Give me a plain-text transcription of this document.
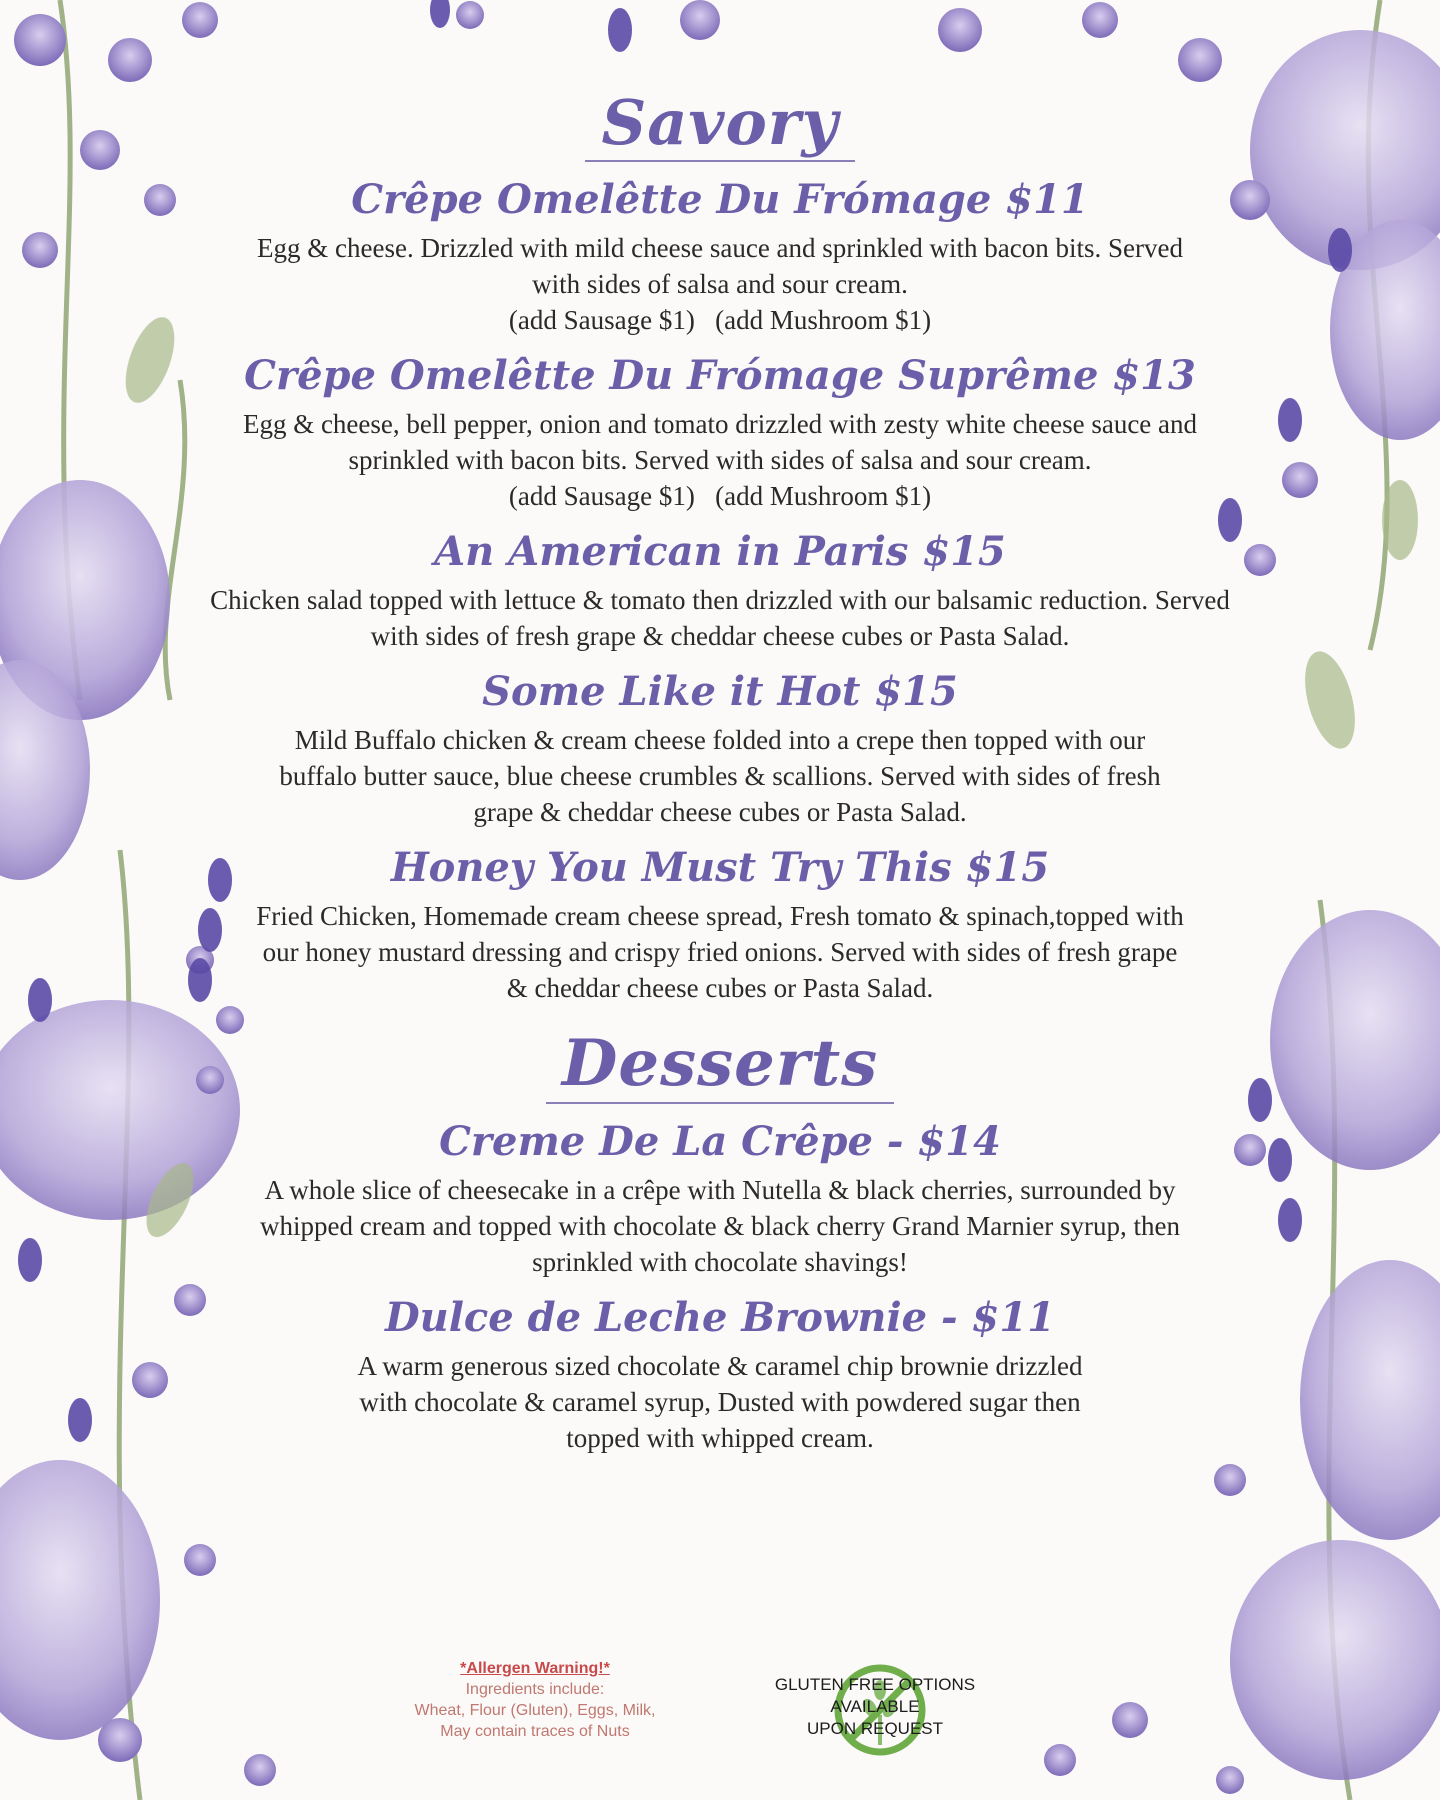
Savory
Crêpe Omelêtte Du Frómage $11

Egg & cheese. Drizzled with mild cheese sauce and sprinkled with bacon bits. Served with sides of salsa and sour cream.

(add Sausage $1)   (add Mushroom $1)

Crêpe Omelêtte Du Frómage Suprême $13

Egg & cheese, bell pepper, onion and tomato drizzled with zesty white cheese sauce and sprinkled with bacon bits. Served with sides of salsa and sour cream.

(add Sausage $1)   (add Mushroom $1)

An American in Paris $15

Chicken salad topped with lettuce & tomato then drizzled with our balsamic reduction. Served with sides of fresh grape & cheddar cheese cubes or Pasta Salad.

Some Like it Hot $15

Mild Buffalo chicken & cream cheese folded into a crepe then topped with our buffalo butter sauce, blue cheese crumbles & scallions. Served with sides of fresh grape & cheddar cheese cubes or Pasta Salad.

Honey You Must Try This $15

Fried Chicken, Homemade cream cheese spread, Fresh tomato & spinach,topped with our honey mustard dressing and crispy fried onions. Served with sides of fresh grape & cheddar cheese cubes or Pasta Salad.

Desserts
Creme De La Crêpe - $14

A whole slice of cheesecake in a crêpe with Nutella & black cherries, surrounded by whipped cream and topped with chocolate & black cherry Grand Marnier syrup, then sprinkled with chocolate shavings!

Dulce de Leche Brownie - $11

A warm generous sized chocolate & caramel chip brownie drizzled with chocolate & caramel syrup, Dusted with powdered sugar then topped with whipped cream.

*Allergen Warning!*
Ingredients include:
Wheat, Flour (Gluten), Eggs, Milk,
May contain traces of Nuts
GLUTEN FREE OPTIONS
AVAILABLE
UPON REQUEST
